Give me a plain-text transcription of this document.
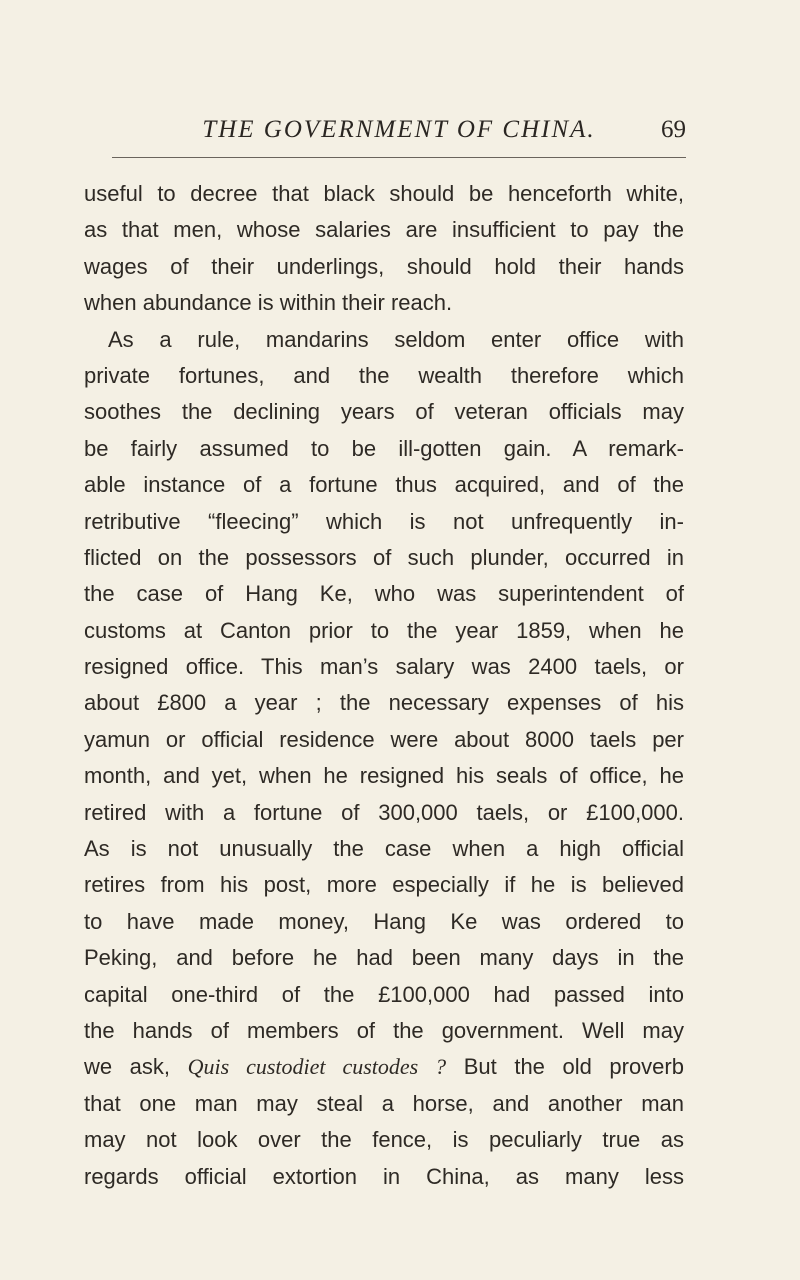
THE GOVERNMENT OF CHINA.	69
useful to decree that black should be henceforth white,
as that men, whose salaries are insufficient to pay the
wages of their underlings, should hold their hands
when abundance is within their reach.
As a rule, mandarins seldom enter office with
private fortunes, and the wealth therefore which
soothes the declining years of veteran officials may
be fairly assumed to be ill-gotten gain. A remark-
able instance of a fortune thus acquired, and of the
retributive “fleecing” which is not unfrequently in-
flicted on the possessors of such plunder, occurred in
the case of Hang Ke, who was superintendent of
customs at Canton prior to the year 1859, when he
resigned office. This man’s salary was 2400 taels, or
about £800 a year ; the necessary expenses of his
yamun or official residence were about 8000 taels per
month, and yet, when he resigned his seals of office, he
retired with a fortune of 300,000 taels, or £100,000.
As is not unusually the case when a high official
retires from his post, more especially if he is believed
to have made money, Hang Ke was ordered to
Peking, and before he had been many days in the
capital one-third of the £100,000 had passed into
the hands of members of the government. Well may
we ask, Quis custodiet custodes ? But the old proverb
that one man may steal a horse, and another man
may not look over the fence, is peculiarly true as
regards official extortion in China, as many less
